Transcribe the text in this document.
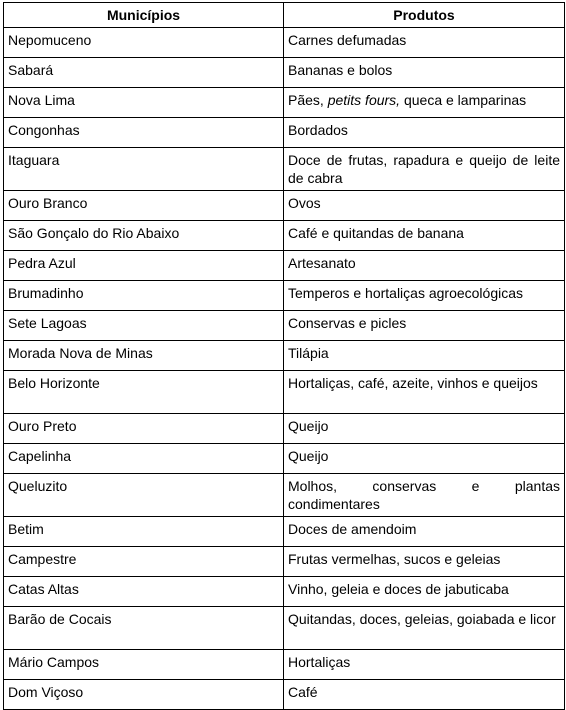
Municípios	Produtos
Nepomuceno	Carnes defumadas
Sabará	Bananas e bolos
Nova Lima	Pães, petits fours, queca e lamparinas
Congonhas	Bordados
Itaguara	Doce de frutas, rapadura e queijo de leite de cabra
Ouro Branco	Ovos
São Gonçalo do Rio Abaixo	Café e quitandas de banana
Pedra Azul	Artesanato
Brumadinho	Temperos e hortaliças agroecológicas
Sete Lagoas	Conservas e picles
Morada Nova de Minas	Tilápia
Belo Horizonte	Hortaliças, café, azeite, vinhos e queijos
Ouro Preto	Queijo
Capelinha	Queijo
Queluzito	Molhos, conservas e plantas condimentares
Betim	Doces de amendoim
Campestre	Frutas vermelhas, sucos e geleias
Catas Altas	Vinho, geleia e doces de jabuticaba
Barão de Cocais	Quitandas, doces, geleias, goiabada e licor
Mário Campos	Hortaliças
Dom Viçoso	Café
